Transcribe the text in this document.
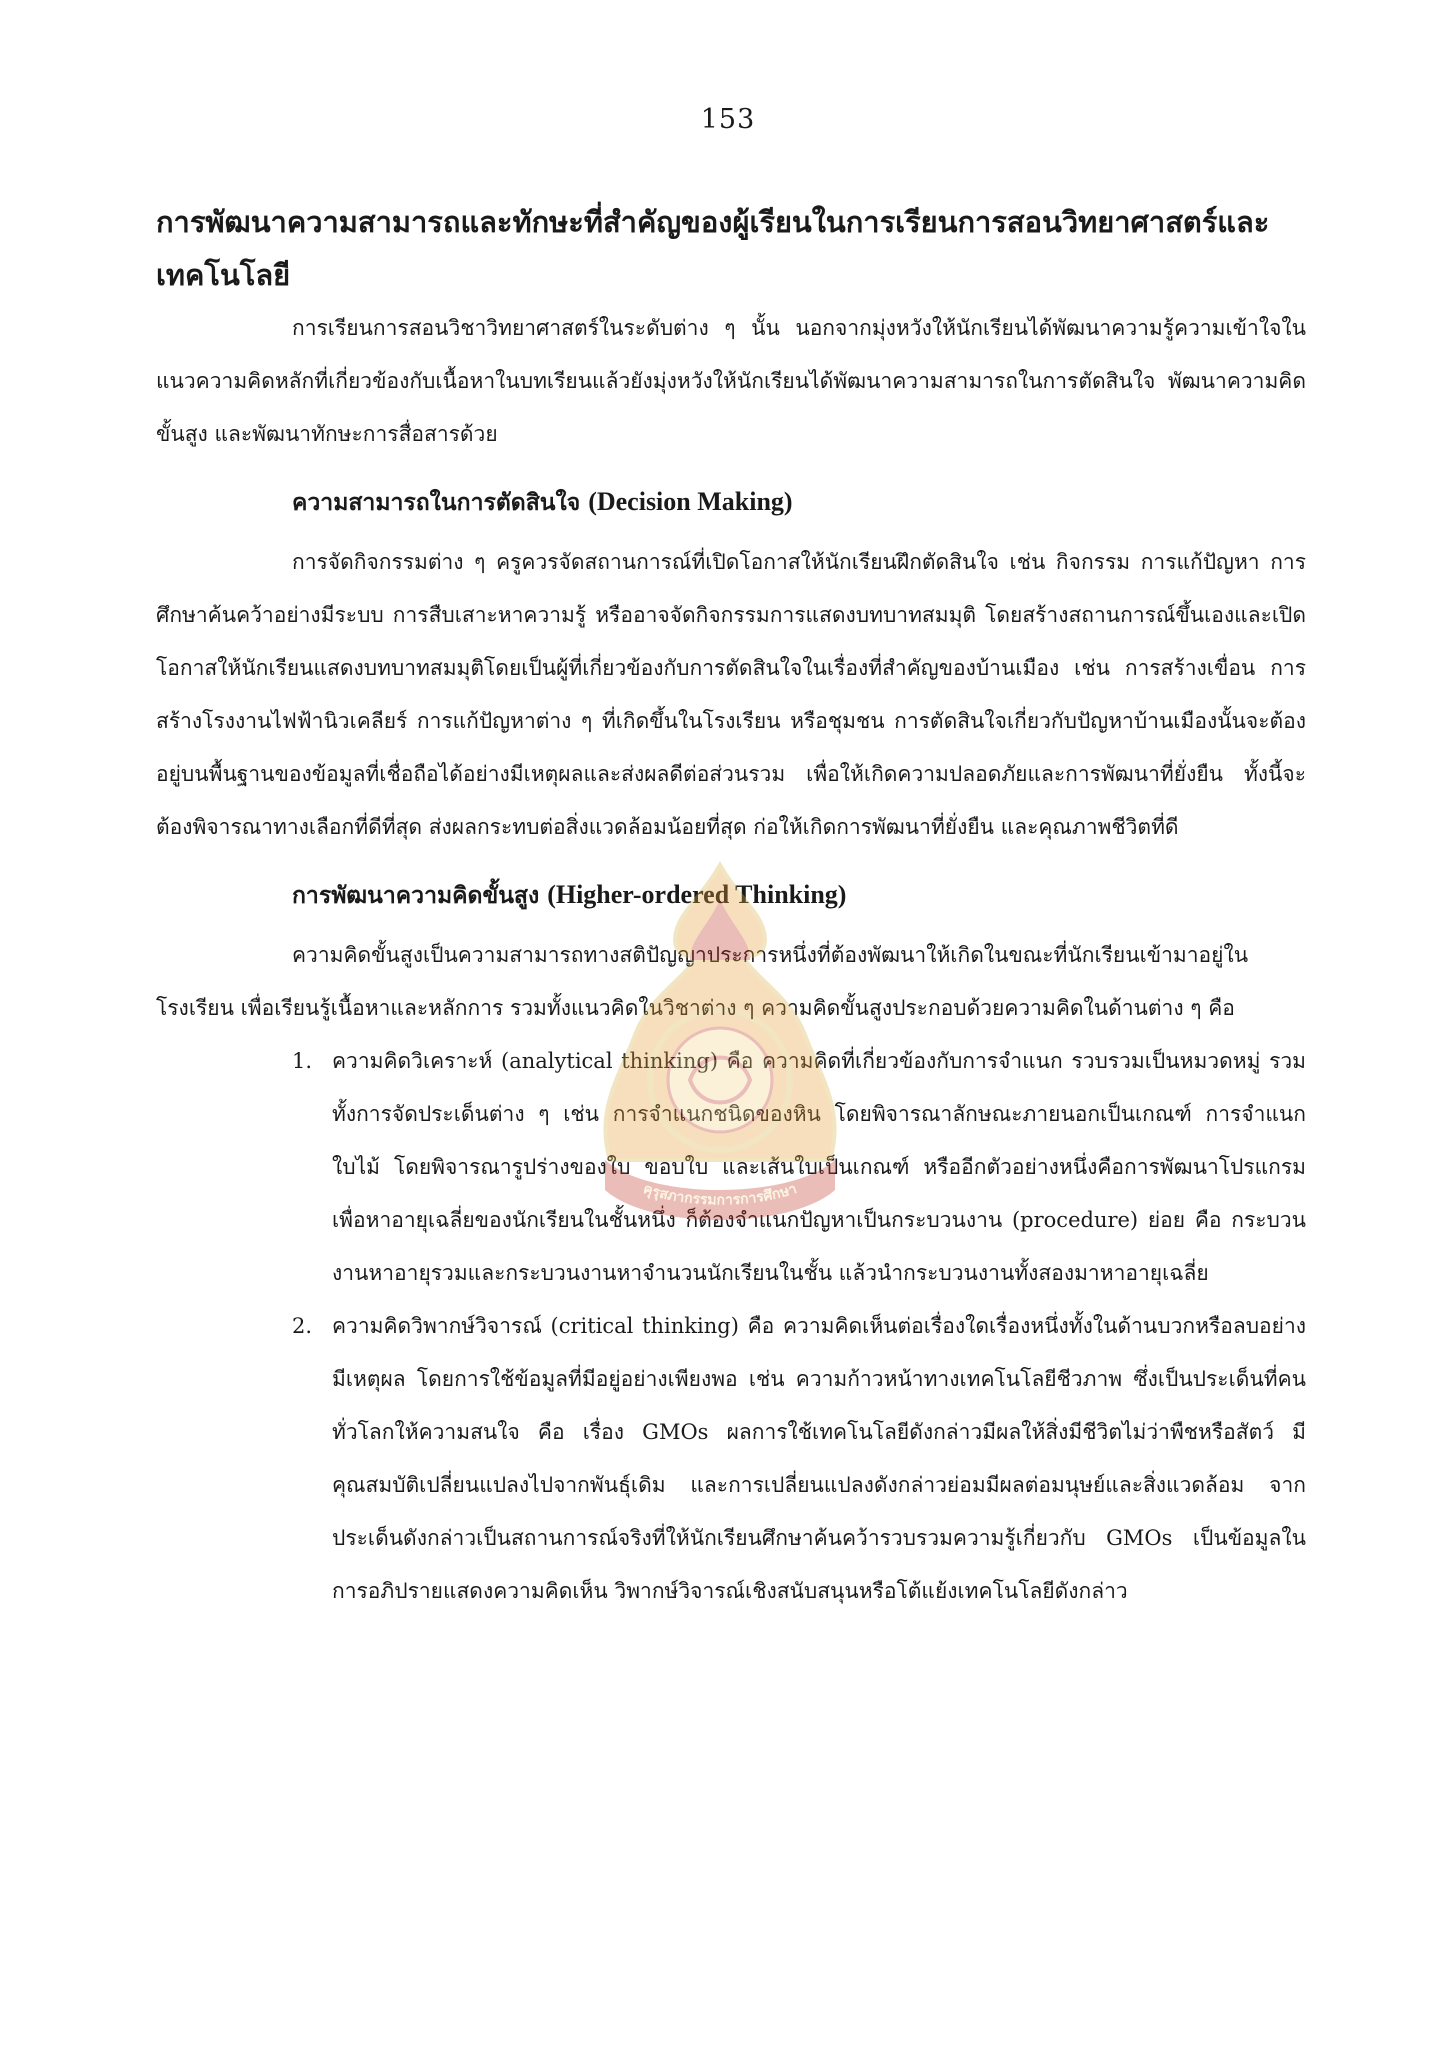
153
การพัฒนาความสามารถและทักษะที่สำคัญของผู้เรียนในการเรียนการสอนวิทยาศาสตร์และเทคโนโลยี

การเรียนการสอนวิชาวิทยาศาสตร์ในระดับต่าง ๆ นั้น นอกจากมุ่งหวังให้นักเรียนได้พัฒนาความรู้ความเข้าใจในแนวความคิดหลักที่เกี่ยวข้องกับเนื้อหาในบทเรียนแล้วยังมุ่งหวังให้นักเรียนได้พัฒนาความสามารถในการตัดสินใจ พัฒนาความคิดขั้นสูง และพัฒนาทักษะการสื่อสารด้วย

ความสามารถในการตัดสินใจ (Decision Making)

การจัดกิจกรรมต่าง ๆ ครูควรจัดสถานการณ์ที่เปิดโอกาสให้นักเรียนฝึกตัดสินใจ เช่น กิจกรรม การแก้ปัญหา การศึกษาค้นคว้าอย่างมีระบบ การสืบเสาะหาความรู้ หรืออาจจัดกิจกรรมการแสดงบทบาทสมมุติ โดยสร้างสถานการณ์ขึ้นเองและเปิดโอกาสให้นักเรียนแสดงบทบาทสมมุติโดยเป็นผู้ที่เกี่ยวข้องกับการตัดสินใจในเรื่องที่สำคัญของบ้านเมือง เช่น การสร้างเขื่อน การสร้างโรงงานไฟฟ้านิวเคลียร์ การแก้ปัญหาต่าง ๆ ที่เกิดขึ้นในโรงเรียน หรือชุมชน การตัดสินใจเกี่ยวกับปัญหาบ้านเมืองนั้นจะต้องอยู่บนพื้นฐานของข้อมูลที่เชื่อถือได้อย่างมีเหตุผลและส่งผลดีต่อส่วนรวม เพื่อให้เกิดความปลอดภัยและการพัฒนาที่ยั่งยืน ทั้งนี้จะต้องพิจารณาทางเลือกที่ดีที่สุด ส่งผลกระทบต่อสิ่งแวดล้อมน้อยที่สุด ก่อให้เกิดการพัฒนาที่ยั่งยืน และคุณภาพชีวิตที่ดี

การพัฒนาความคิดขั้นสูง (Higher-ordered Thinking)

ความคิดขั้นสูงเป็นความสามารถทางสติปัญญาประการหนึ่งที่ต้องพัฒนาให้เกิดในขณะที่นักเรียนเข้ามาอยู่ในโรงเรียน เพื่อเรียนรู้เนื้อหาและหลักการ รวมทั้งแนวคิดในวิชาต่าง ๆ ความคิดขั้นสูงประกอบด้วยความคิดในด้านต่าง ๆ คือ

1. ความคิดวิเคราะห์ (analytical thinking) คือ ความคิดที่เกี่ยวข้องกับการจำแนก รวบรวมเป็นหมวดหมู่ รวมทั้งการจัดประเด็นต่าง ๆ เช่น การจำแนกชนิดของหิน โดยพิจารณาลักษณะภายนอกเป็นเกณฑ์ การจำแนกใบไม้ โดยพิจารณารูปร่างของใบ ขอบใบ และเส้นใบเป็นเกณฑ์ หรืออีกตัวอย่างหนึ่งคือการพัฒนาโปรแกรมเพื่อหาอายุเฉลี่ยของนักเรียนในชั้นหนึ่ง ก็ต้องจำแนกปัญหาเป็นกระบวนงาน (procedure) ย่อย คือ กระบวนงานหาอายุรวมและกระบวนงานหาจำนวนนักเรียนในชั้น แล้วนำกระบวนงานทั้งสองมาหาอายุเฉลี่ย

2. ความคิดวิพากษ์วิจารณ์ (critical thinking) คือ ความคิดเห็นต่อเรื่องใดเรื่องหนึ่งทั้งในด้านบวกหรือลบอย่างมีเหตุผล โดยการใช้ข้อมูลที่มีอยู่อย่างเพียงพอ เช่น ความก้าวหน้าทางเทคโนโลยีชีวภาพ ซึ่งเป็นประเด็นที่คนทั่วโลกให้ความสนใจ คือ เรื่อง GMOs ผลการใช้เทคโนโลยีดังกล่าวมีผลให้สิ่งมีชีวิตไม่ว่าพืชหรือสัตว์ มีคุณสมบัติเปลี่ยนแปลงไปจากพันธุ์เดิม และการเปลี่ยนแปลงดังกล่าวย่อมมีผลต่อมนุษย์และสิ่งแวดล้อม จากประเด็นดังกล่าวเป็นสถานการณ์จริงที่ให้นักเรียนศึกษาค้นคว้ารวบรวมความรู้เกี่ยวกับ GMOs เป็นข้อมูลในการอภิปรายแสดงความคิดเห็น วิพากษ์วิจารณ์เชิงสนับสนุนหรือโต้แย้งเทคโนโลยีดังกล่าว

คุรุสภากรรมการการศึกษา
